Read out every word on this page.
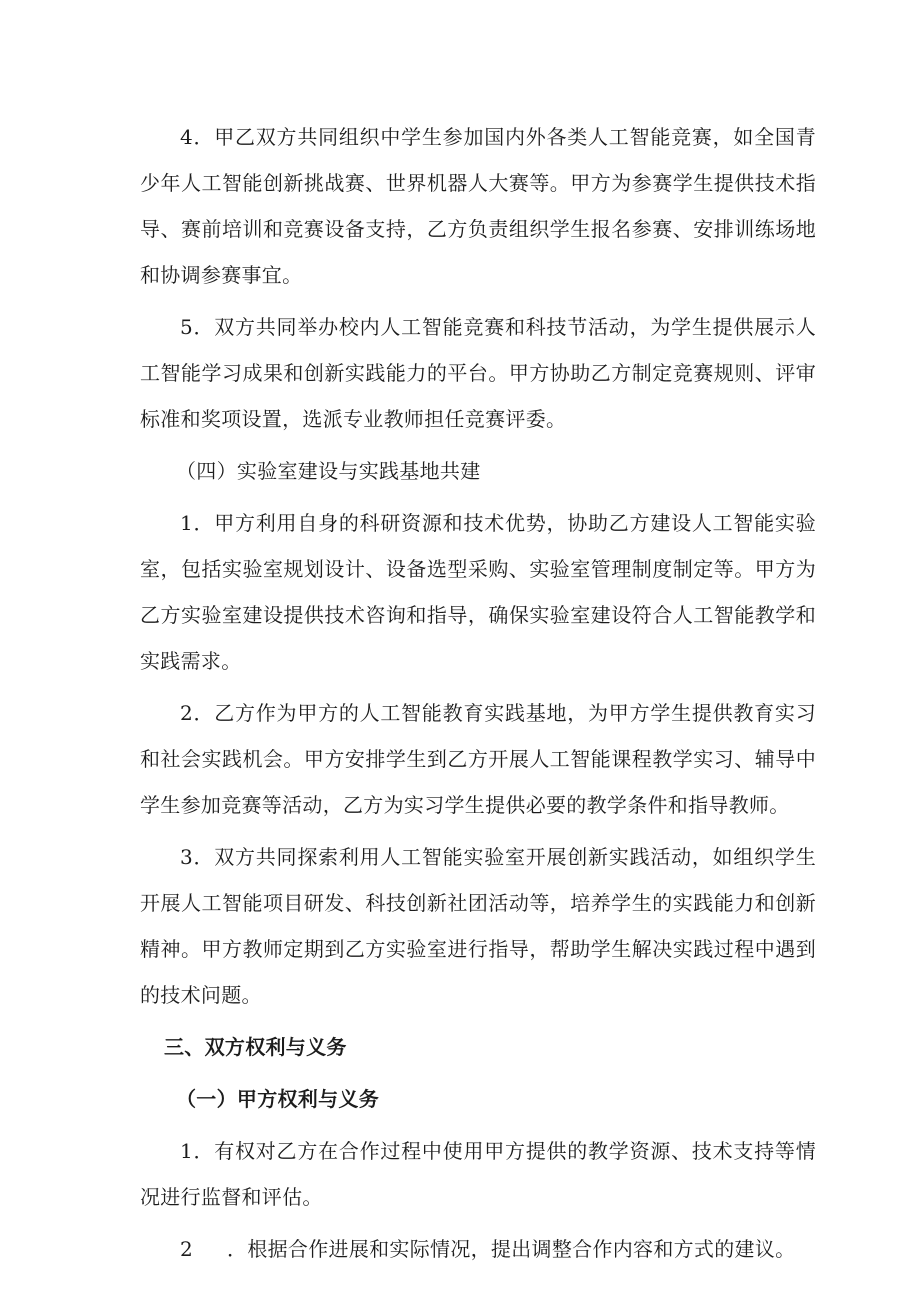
4．甲乙双方共同组织中学生参加国内外各类人工智能竞赛，如全国青少年人工智能创新挑战赛、世界机器人大赛等。甲方为参赛学生提供技术指导、赛前培训和竞赛设备支持，乙方负责组织学生报名参赛、安排训练场地和协调参赛事宜。

5．双方共同举办校内人工智能竞赛和科技节活动，为学生提供展示人工智能学习成果和创新实践能力的平台。甲方协助乙方制定竞赛规则、评审标准和奖项设置，选派专业教师担任竞赛评委。

（四）实验室建设与实践基地共建

1．甲方利用自身的科研资源和技术优势，协助乙方建设人工智能实验室，包括实验室规划设计、设备选型采购、实验室管理制度制定等。甲方为乙方实验室建设提供技术咨询和指导，确保实验室建设符合人工智能教学和实践需求。

2．乙方作为甲方的人工智能教育实践基地，为甲方学生提供教育实习和社会实践机会。甲方安排学生到乙方开展人工智能课程教学实习、辅导中学生参加竞赛等活动，乙方为实习学生提供必要的教学条件和指导教师。

3．双方共同探索利用人工智能实验室开展创新实践活动，如组织学生开展人工智能项目研发、科技创新社团活动等，培养学生的实践能力和创新精神。甲方教师定期到乙方实验室进行指导，帮助学生解决实践过程中遇到的技术问题。

三、双方权利与义务

（一）甲方权利与义务

1．有权对乙方在合作过程中使用甲方提供的教学资源、技术支持等情况进行监督和评估。

2 ．根据合作进展和实际情况，提出调整合作内容和方式的建议。
